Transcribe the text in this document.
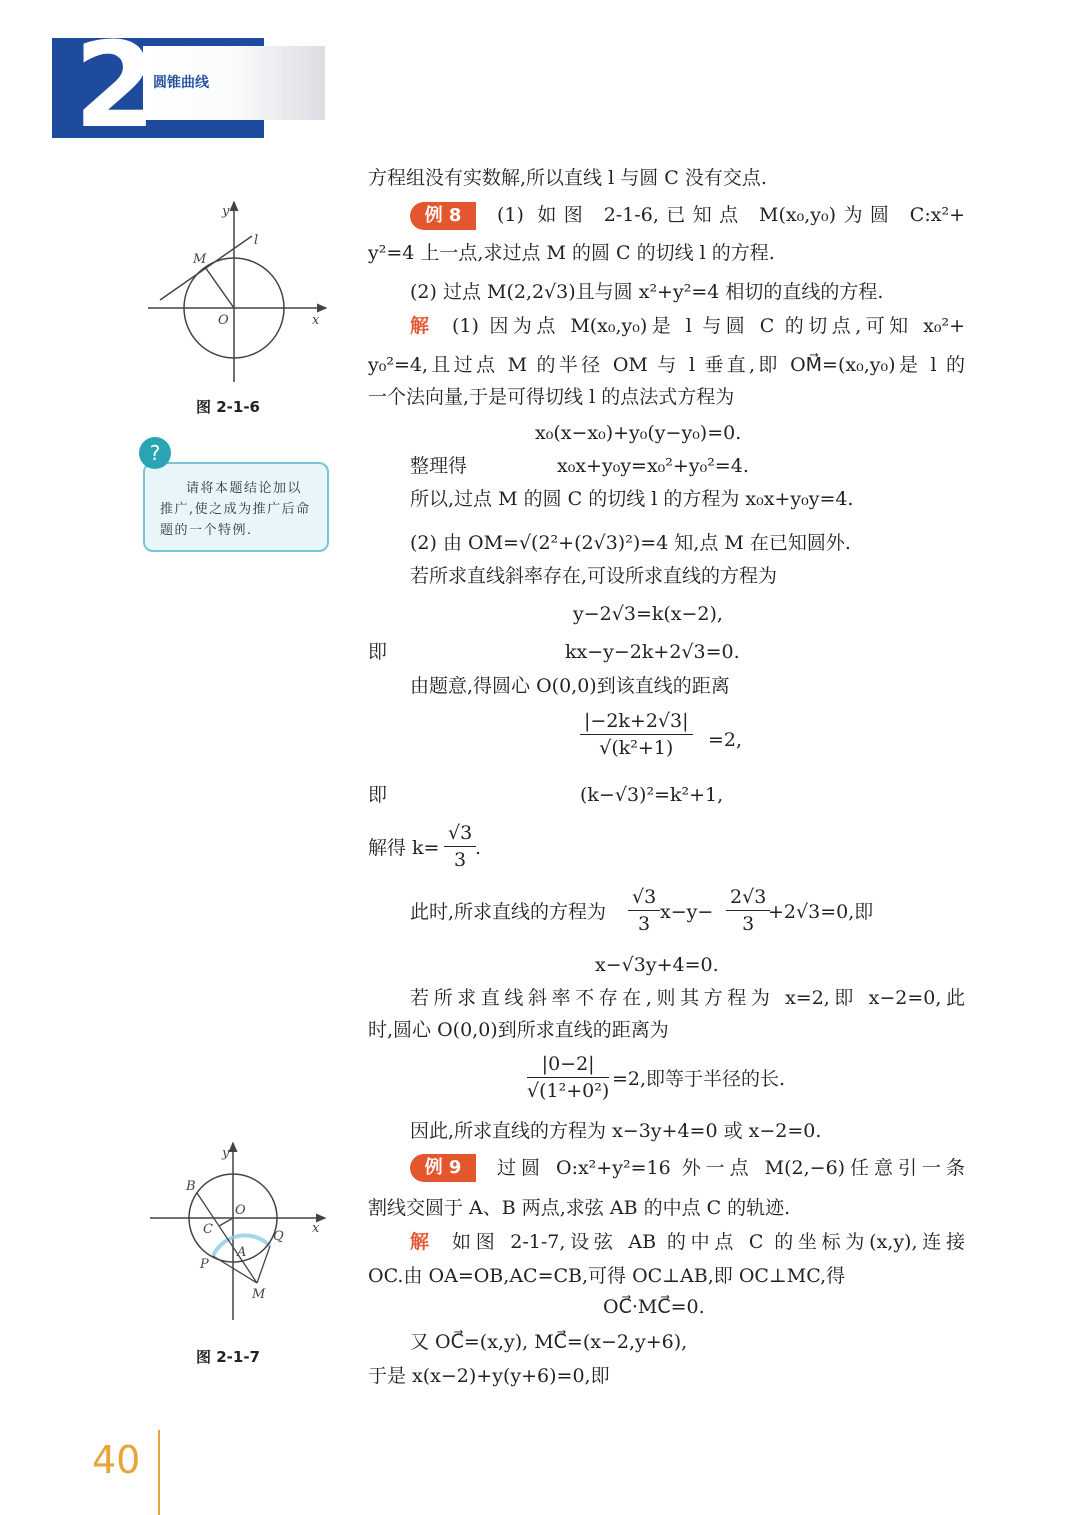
2
圆锥曲线
y
x
O
M
l
图 2-1-6
?
请将本题结论加以推广,使之成为推广后命题的一个特例.
y
x
O
B
C
A
P
Q
M
图 2-1-7
方程组没有实数解,所以直线 l 与圆 C 没有交点.
例 8	(1) 如图 2-1-6,已知点 M(x₀,y₀)为圆 C:x²+
y²=4 上一点,求过点 M 的圆 C 的切线 l 的方程.
(2) 过点 M(2,2√3)且与圆 x²+y²=4 相切的直线的方程.
解 (1) 因为点 M(x₀,y₀)是 l 与圆 C 的切点,可知 x₀²+
y₀²=4,且过点 M 的半径 OM 与 l 垂直,即 OM⃗=(x₀,y₀)是 l 的
一个法向量,于是可得切线 l 的点法式方程为
x₀(x−x₀)+y₀(y−y₀)=0.
整理得	x₀x+y₀y=x₀²+y₀²=4.
所以,过点 M 的圆 C 的切线 l 的方程为 x₀x+y₀y=4.
(2) 由 OM=√(2²+(2√3)²)=4 知,点 M 在已知圆外.
若所求直线斜率存在,可设所求直线的方程为
y−2√3=k(x−2),
即	kx−y−2k+2√3=0.
由题意,得圆心 O(0,0)到该直线的距离
$\frac{|-2k+2√3|}{\text{√(k²+1)}} =2$,
即	(k−√3)²=k²+1,
解得 $k= \frac{√3}{3}$
.
此时,所求直线的方程为 $\frac{√3}{3} x-y- \frac{2√3}{3}$
+2√3=0,即
x−√3y+4=0.
若所求直线斜率不存在,则其方程为 x=2,即 x−2=0,此
时,圆心 O(0,0)到所求直线的距离为
$\frac{|0-2|}{\text{√(1²+0²)}} =2$,即等于半径的长.
因此,所求直线的方程为 x−3y+4=0 或 x−2=0.
例 9	过圆 O:x²+y²=16 外一点 M(2,−6)任意引一条
割线交圆于 A、B 两点,求弦 AB 的中点 C 的轨迹.
解 如图 2-1-7,设弦 AB 的中点 C 的坐标为(x,y),连接
OC.由 OA=OB,AC=CB,可得 OC⊥AB,即 OC⊥MC,得
OC⃗·MC⃗=0.
又 OC⃗=(x,y), MC⃗=(x−2,y+6),
于是 x(x−2)+y(y+6)=0,即
40
